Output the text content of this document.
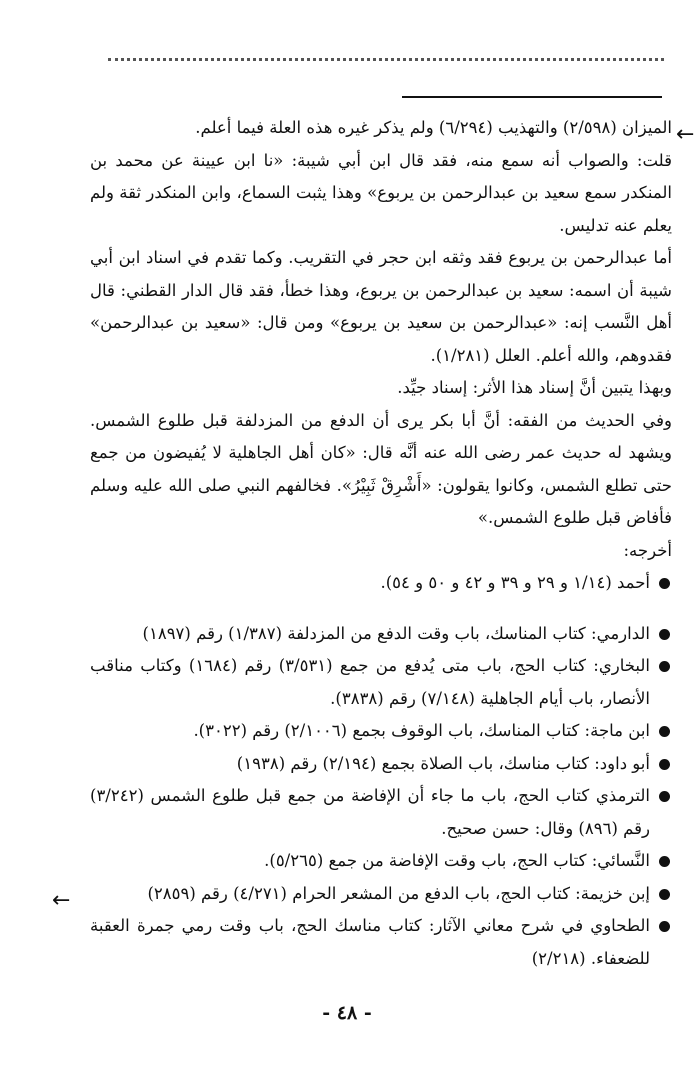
←
←

الميزان (٢/٥٩٨) والتهذيب (٦/٢٩٤) ولم يذكر غيره هذه العلة فيما أعلم.

قلت: والصواب أنه سمع منه، فقد قال ابن أبي شيبة: «نا ابن عيينة عن محمد بن المنكدر سمع سعيد بن عبدالرحمن بن يربوع» وهذا يثبت السماع، وابن المنكدر ثقة ولم يعلم عنه تدليس.

أما عبدالرحمن بن يربوع فقد وثقه ابن حجر في التقريب. وكما تقدم في اسناد ابن أبي شيبة أن اسمه: سعيد بن عبدالرحمن بن يربوع، وهذا خطأ، فقد قال الدار القطني: قال أهل النَّسب إنه: «عبدالرحمن بن سعيد بن يربوع» ومن قال: «سعيد بن عبدالرحمن» فقدوهم، والله أعلم. العلل (١/٢٨١).

وبهذا يتبين أنَّ إسناد هذا الأثر: إسناد جيِّد.

وفي الحديث من الفقه: أنَّ أبا بكر يرى أن الدفع من المزدلفة قبل طلوع الشمس. ويشهد له حديث عمر رضى الله عنه أنَّه قال: «كان أهل الجاهلية لا يُفيضون من جمع حتى تطلع الشمس، وكانوا يقولون: «أَشْرِقْ ثَبِيْرُ». فخالفهم النبي صلى الله عليه وسلم فأفاض قبل طلوع الشمس.»

أخرجه:

أحمد (١/١٤ و ٢٩ و ٣٩ و ٤٢ و ٥٠ و ٥٤).

الدارمي: كتاب المناسك، باب وقت الدفع من المزدلفة (١/٣٨٧) رقم (١٨٩٧)

البخاري: كتاب الحج، باب متى يُدفع من جمع (٣/٥٣١) رقم (١٦٨٤) وكتاب مناقب الأنصار، باب أيام الجاهلية (٧/١٤٨) رقم (٣٨٣٨).

ابن ماجة: كتاب المناسك، باب الوقوف بجمع (٢/١٠٠٦) رقم (٣٠٢٢).

أبو داود: كتاب مناسك، باب الصلاة بجمع (٢/١٩٤) رقم (١٩٣٨)

الترمذي كتاب الحج، باب ما جاء أن الإفاضة من جمع قبل طلوع الشمس (٣/٢٤٢) رقم (٨٩٦) وقال: حسن صحيح.

النَّسائي: كتاب الحج، باب وقت الإفاضة من جمع (٥/٢٦٥).

إبن خزيمة: كتاب الحج، باب الدفع من المشعر الحرام (٤/٢٧١) رقم (٢٨٥٩)

الطحاوي في شرح معاني الآثار: كتاب مناسك الحج، باب وقت رمي جمرة العقبة للضعفاء. (٢/٢١٨)

- ٤٨ -
